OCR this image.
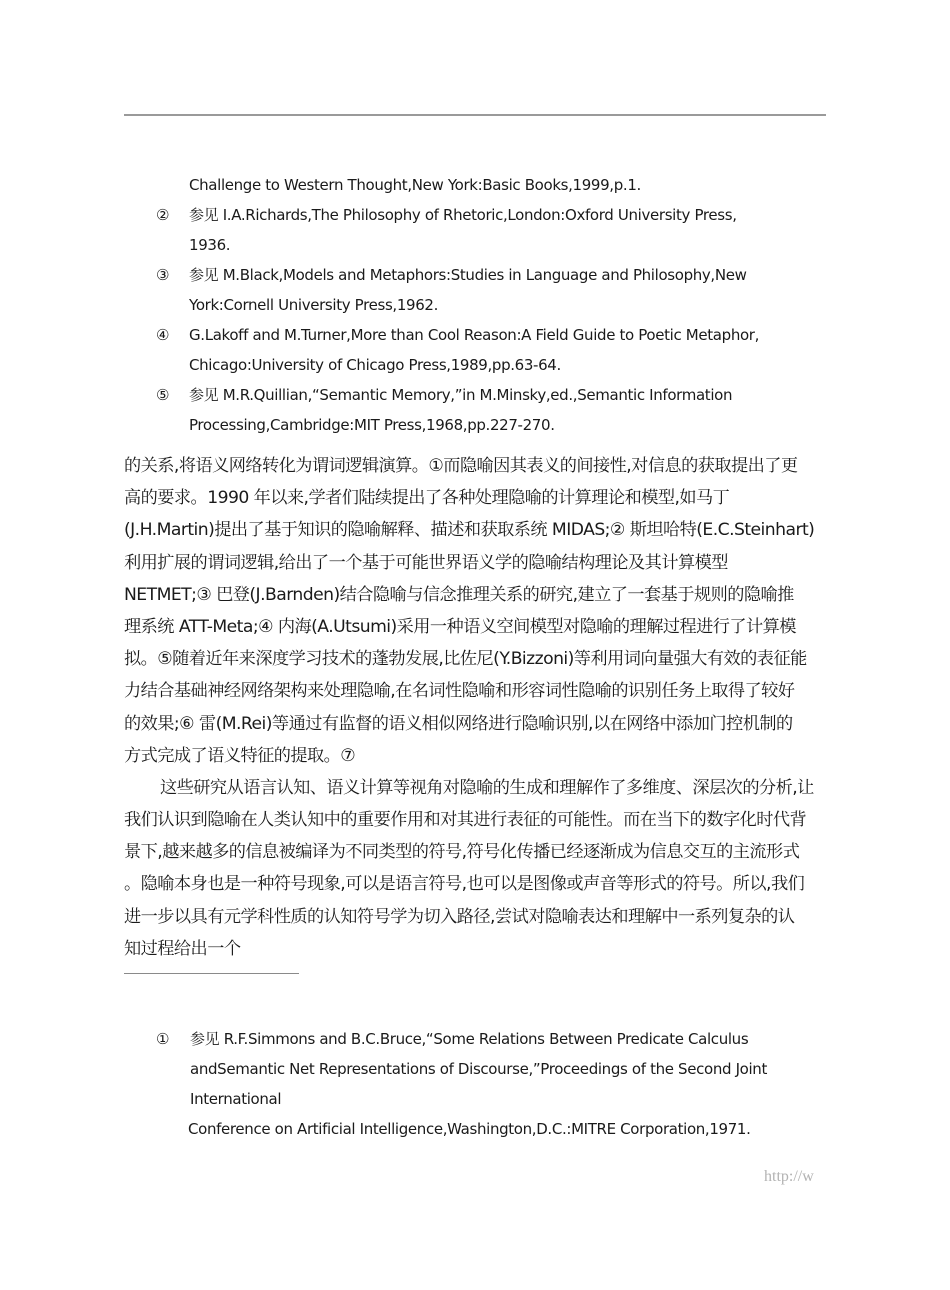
Challenge to Western Thought,New York:Basic Books,1999,p.1.
②	参见 I.A.Richards,The Philosophy of Rhetoric,London:Oxford University Press,
1936.
③	参见 M.Black,Models and Metaphors:Studies in Language and Philosophy,New
York:Cornell University Press,1962.
④	G.Lakoff and M.Turner,More than Cool Reason:A Field Guide to Poetic Metaphor,
Chicago:University of Chicago Press,1989,pp.63-64.
⑤	参见 M.R.Quillian,“Semantic Memory,”in M.Minsky,ed.,Semantic Information
Processing,Cambridge:MIT Press,1968,pp.227-270.
的关系,将语义网络转化为谓词逻辑演算。①而隐喻因其表义的间接性,对信息的获取提出了更
高的要求。1990 年以来,学者们陆续提出了各种处理隐喻的计算理论和模型,如马丁
(J.H.Martin)提出了基于知识的隐喻解释、描述和获取系统 MIDAS;② 斯坦哈特(E.C.Steinhart)
利用扩展的谓词逻辑,给出了一个基于可能世界语义学的隐喻结构理论及其计算模型
NETMET;③ 巴登(J.Barnden)结合隐喻与信念推理关系的研究,建立了一套基于规则的隐喻推
理系统 ATT-Meta;④ 内海(A.Utsumi)采用一种语义空间模型对隐喻的理解过程进行了计算模
拟。⑤随着近年来深度学习技术的蓬勃发展,比佐尼(Y.Bizzoni)等利用词向量强大有效的表征能
力结合基础神经网络架构来处理隐喻,在名词性隐喻和形容词性隐喻的识别任务上取得了较好
的效果;⑥ 雷(M.Rei)等通过有监督的语义相似网络进行隐喻识别,以在网络中添加门控机制的
方式完成了语义特征的提取。⑦
这些研究从语言认知、语义计算等视角对隐喻的生成和理解作了多维度、深层次的分析,让
我们认识到隐喻在人类认知中的重要作用和对其进行表征的可能性。而在当下的数字化时代背
景下,越来越多的信息被编译为不同类型的符号,符号化传播已经逐渐成为信息交互的主流形式
。隐喻本身也是一种符号现象,可以是语言符号,也可以是图像或声音等形式的符号。所以,我们
进一步以具有元学科性质的认知符号学为切入路径,尝试对隐喻表达和理解中一系列复杂的认
知过程给出一个
①	参见 R.F.Simmons and B.C.Bruce,“Some Relations Between Predicate Calculus
andSemantic Net Representations of Discourse,”Proceedings of the Second Joint
International
Conference on Artificial Intelligence,Washington,D.C.:MITRE Corporation,1971.
http://w
